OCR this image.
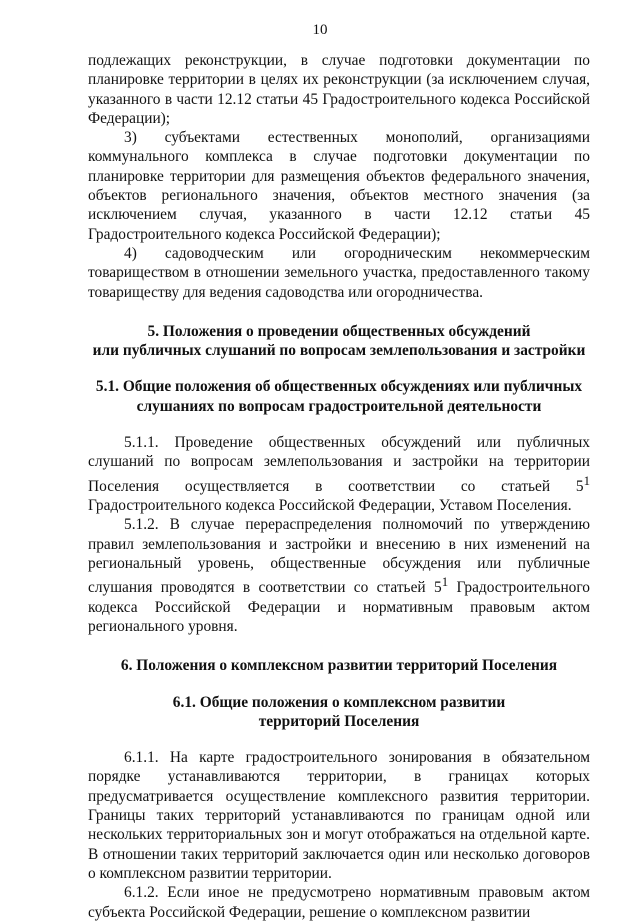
10

подлежащих реконструкции, в случае подготовки документации по планировке территории в целях их реконструкции (за исключением случая, указанного в части 12.12 статьи 45 Градостроительного кодекса Российской Федерации);

3) субъектами естественных монополий, организациями коммунального комплекса в случае подготовки документации по планировке территории для размещения объектов федерального значения, объектов регионального значения, объектов местного значения (за исключением случая, указанного в части 12.12 статьи 45 Градостроительного кодекса Российской Федерации);

4) садоводческим или огородническим некоммерческим товариществом в отношении земельного участка, предоставленного такому товариществу для ведения садоводства или огородничества.

5. Положения о проведении общественных обсуждений
или публичных слушаний по вопросам землепользования и застройки
5.1. Общие положения об общественных обсуждениях или публичных
слушаниях по вопросам градостроительной деятельности

5.1.1. Проведение общественных обсуждений или публичных слушаний по вопросам землепользования и застройки на территории Поселения осуществляется в соответствии со статьей $5^1$ Градостроительного кодекса Российской Федерации, Уставом Поселения.

5.1.2. В случае перераспределения полномочий по утверждению правил землепользования и застройки и внесению в них изменений на региональный уровень, общественные обсуждения или публичные слушания проводятся в соответствии со статьей $5^1$ Градостроительного кодекса Российской Федерации и нормативным правовым актом регионального уровня.

6. Положения о комплексном развитии территорий Поселения
6.1. Общие положения о комплексном развитии
территорий Поселения

6.1.1. На карте градостроительного зонирования в обязательном порядке устанавливаются территории, в границах которых предусматривается осуществление комплексного развития территории. Границы таких территорий устанавливаются по границам одной или нескольких территориальных зон и могут отображаться на отдельной карте. В отношении таких территорий заключается один или несколько договоров о комплексном развитии территории.

6.1.2. Если иное не предусмотрено нормативным правовым актом субъекта Российской Федерации, решение о комплексном развитии
